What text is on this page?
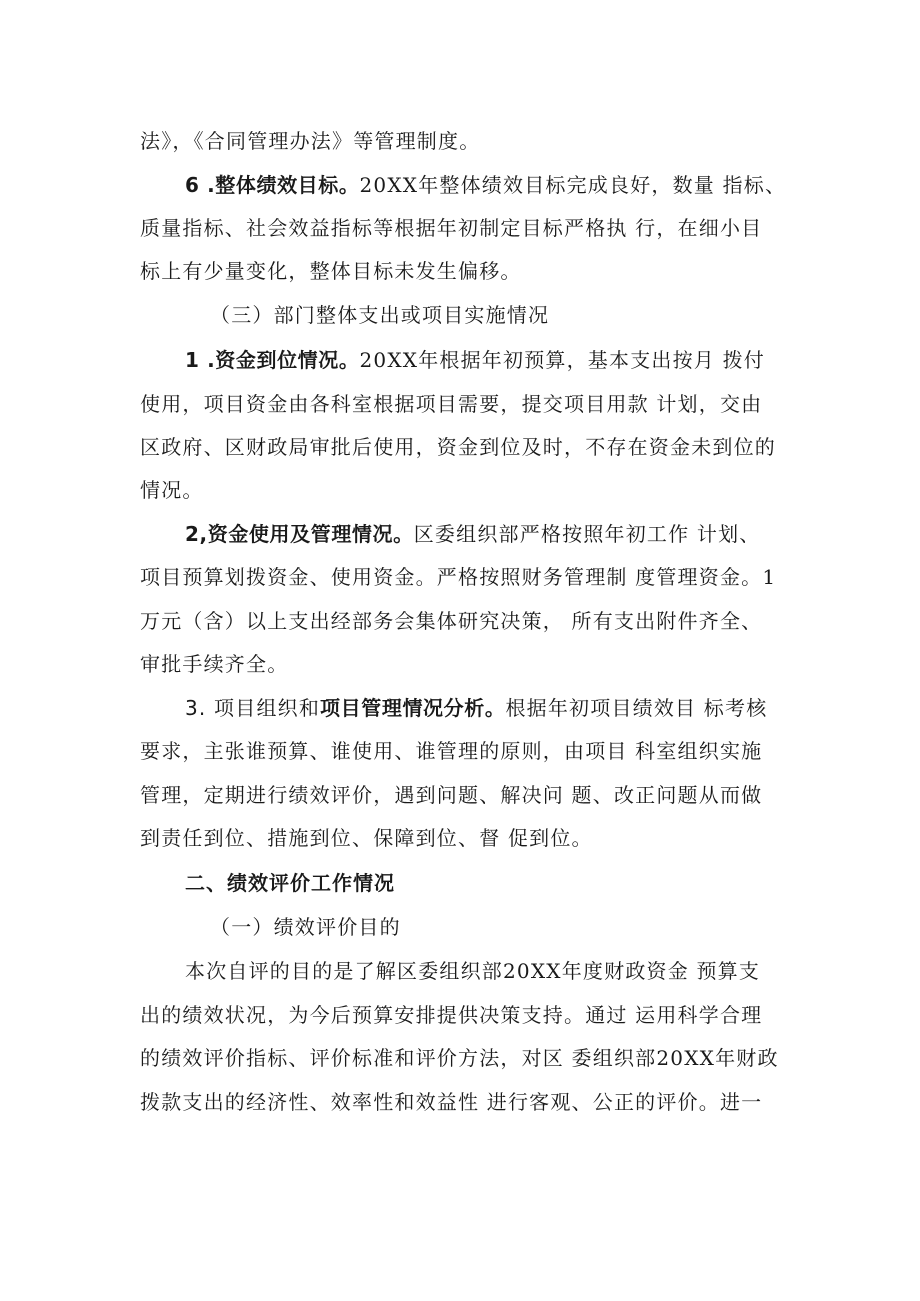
法》，《合同管理办法》等管理制度。
6 .整体绩效目标。20XX年整体绩效目标完成良好，数量 指标、
质量指标、社会效益指标等根据年初制定目标严格执 行，在细小目
标上有少量变化，整体目标未发生偏移。
（三）部门整体支出或项目实施情况
1 .资金到位情况。20XX年根据年初预算，基本支出按月 拨付
使用，项目资金由各科室根据项目需要，提交项目用款 计划，交由
区政府、区财政局审批后使用，资金到位及时，不存在资金未到位的
情况。
2,资金使用及管理情况。区委组织部严格按照年初工作 计划、
项目预算划拨资金、使用资金。严格按照财务管理制 度管理资金。1
万元（含）以上支出经部务会集体研究决策， 所有支出附件齐全、
审批手续齐全。
3. 项目组织和项目管理情况分析。根据年初项目绩效目 标考核
要求，主张谁预算、谁使用、谁管理的原则，由项目 科室组织实施
管理，定期进行绩效评价，遇到问题、解决问 题、改正问题从而做
到责任到位、措施到位、保障到位、督 促到位。
二、绩效评价工作情况
（一）绩效评价目的
本次自评的目的是了解区委组织部20XX年度财政资金 预算支
出的绩效状况，为今后预算安排提供决策支持。通过 运用科学合理
的绩效评价指标、评价标准和评价方法，对区 委组织部20XX年财政
拨款支出的经济性、效率性和效益性 进行客观、公正的评价。进一
